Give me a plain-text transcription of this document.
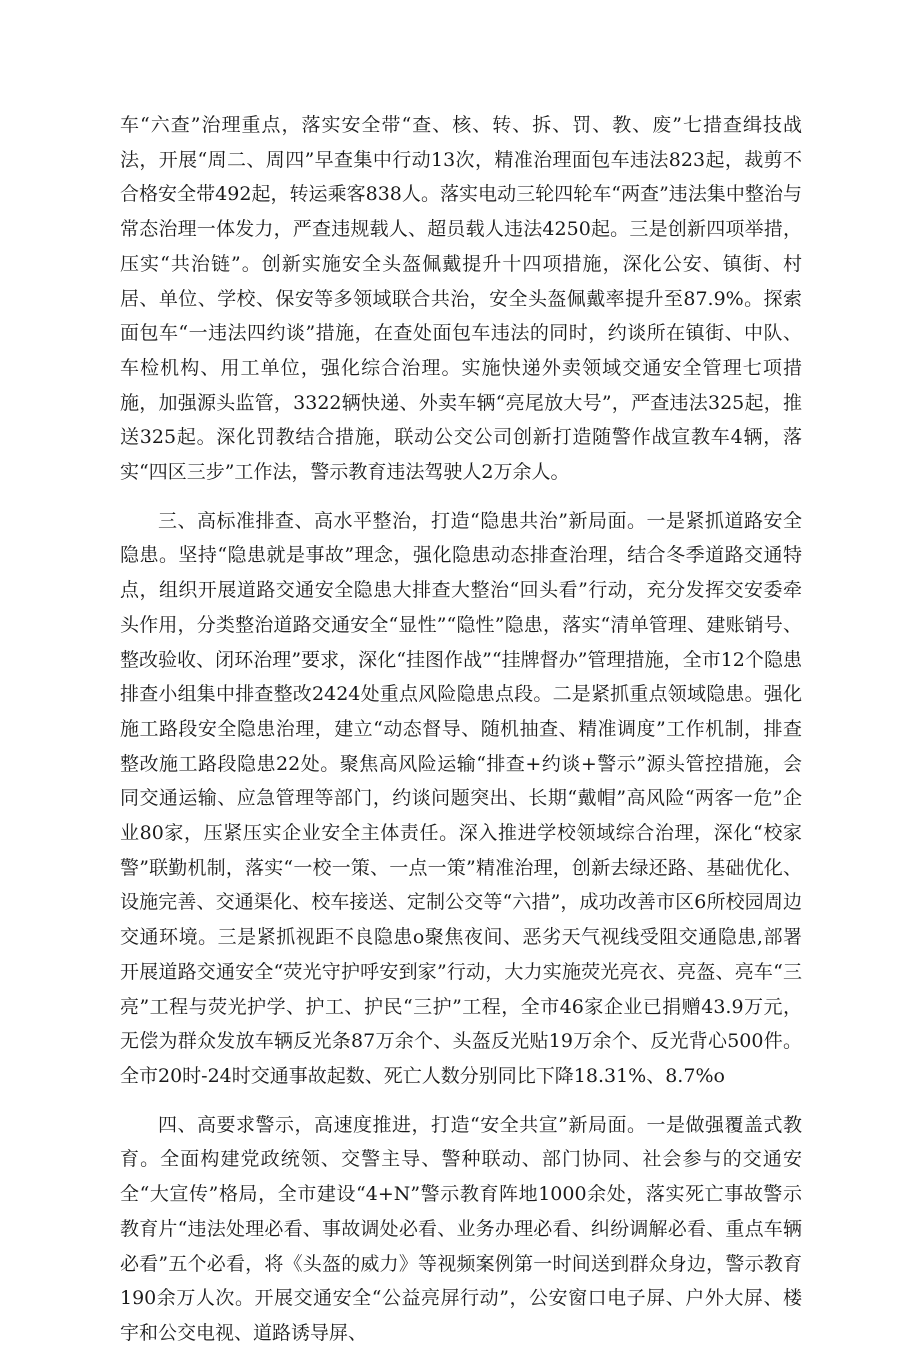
车“六查”治理重点，落实安全带“查、核、转、拆、罚、教、废”七措查缉技战法，开展“周二、周四”早查集中行动13次，精准治理面包车违法823起，裁剪不合格安全带492起，转运乘客838人。落实电动三轮四轮车“两查”违法集中整治与常态治理一体发力，严查违规载人、超员载人违法4250起。三是创新四项举措，压实“共治链”。创新实施安全头盔佩戴提升十四项措施，深化公安、镇街、村居、单位、学校、保安等多领域联合共治，安全头盔佩戴率提升至87.9%。探索面包车“一违法四约谈”措施，在查处面包车违法的同时，约谈所在镇街、中队、车检机构、用工单位，强化综合治理。实施快递外卖领域交通安全管理七项措施，加强源头监管，3322辆快递、外卖车辆“亮尾放大号”，严查违法325起，推送325起。深化罚教结合措施，联动公交公司创新打造随警作战宣教车4辆，落实“四区三步”工作法，警示教育违法驾驶人2万余人。

三、高标准排查、高水平整治，打造“隐患共治”新局面。一是紧抓道路安全隐患。坚持“隐患就是事故”理念，强化隐患动态排查治理，结合冬季道路交通特点，组织开展道路交通安全隐患大排查大整治“回头看”行动，充分发挥交安委牵头作用，分类整治道路交通安全“显性”“隐性”隐患，落实“清单管理、建账销号、整改验收、闭环治理”要求，深化“挂图作战”“挂牌督办”管理措施，全市12个隐患排查小组集中排查整改2424处重点风险隐患点段。二是紧抓重点领域隐患。强化施工路段安全隐患治理，建立“动态督导、随机抽查、精准调度”工作机制，排查整改施工路段隐患22处。聚焦高风险运输“排查+约谈+警示”源头管控措施，会同交通运输、应急管理等部门，约谈问题突出、长期“戴帽”高风险“两客一危”企业80家，压紧压实企业安全主体责任。深入推进学校领域综合治理，深化“校家警”联勤机制，落实“一校一策、一点一策”精准治理，创新去绿还路、基础优化、设施完善、交通渠化、校车接送、定制公交等“六措”，成功改善市区6所校园周边交通环境。三是紧抓视距不良隐患o聚焦夜间、恶劣天气视线受阻交通隐患,部署开展道路交通安全“荧光守护呼安到家”行动，大力实施荧光亮衣、亮盔、亮车“三亮”工程与荧光护学、护工、护民“三护”工程，全市46家企业已捐赠43.9万元，无偿为群众发放车辆反光条87万余个、头盔反光贴19万余个、反光背心500件。全市20时-24时交通事故起数、死亡人数分别同比下降18.31%、8.7%o

四、高要求警示，高速度推进，打造“安全共宣”新局面。一是做强覆盖式教育。全面构建党政统领、交警主导、警种联动、部门协同、社会参与的交通安全“大宣传”格局，全市建设“4+N”警示教育阵地1000余处，落实死亡事故警示教育片“违法处理必看、事故调处必看、业务办理必看、纠纷调解必看、重点车辆必看”五个必看，将《头盔的威力》等视频案例第一时间送到群众身边，警示教育190余万人次。开展交通安全“公益亮屏行动”，公安窗口电子屏、户外大屏、楼宇和公交电视、道路诱导屏、
